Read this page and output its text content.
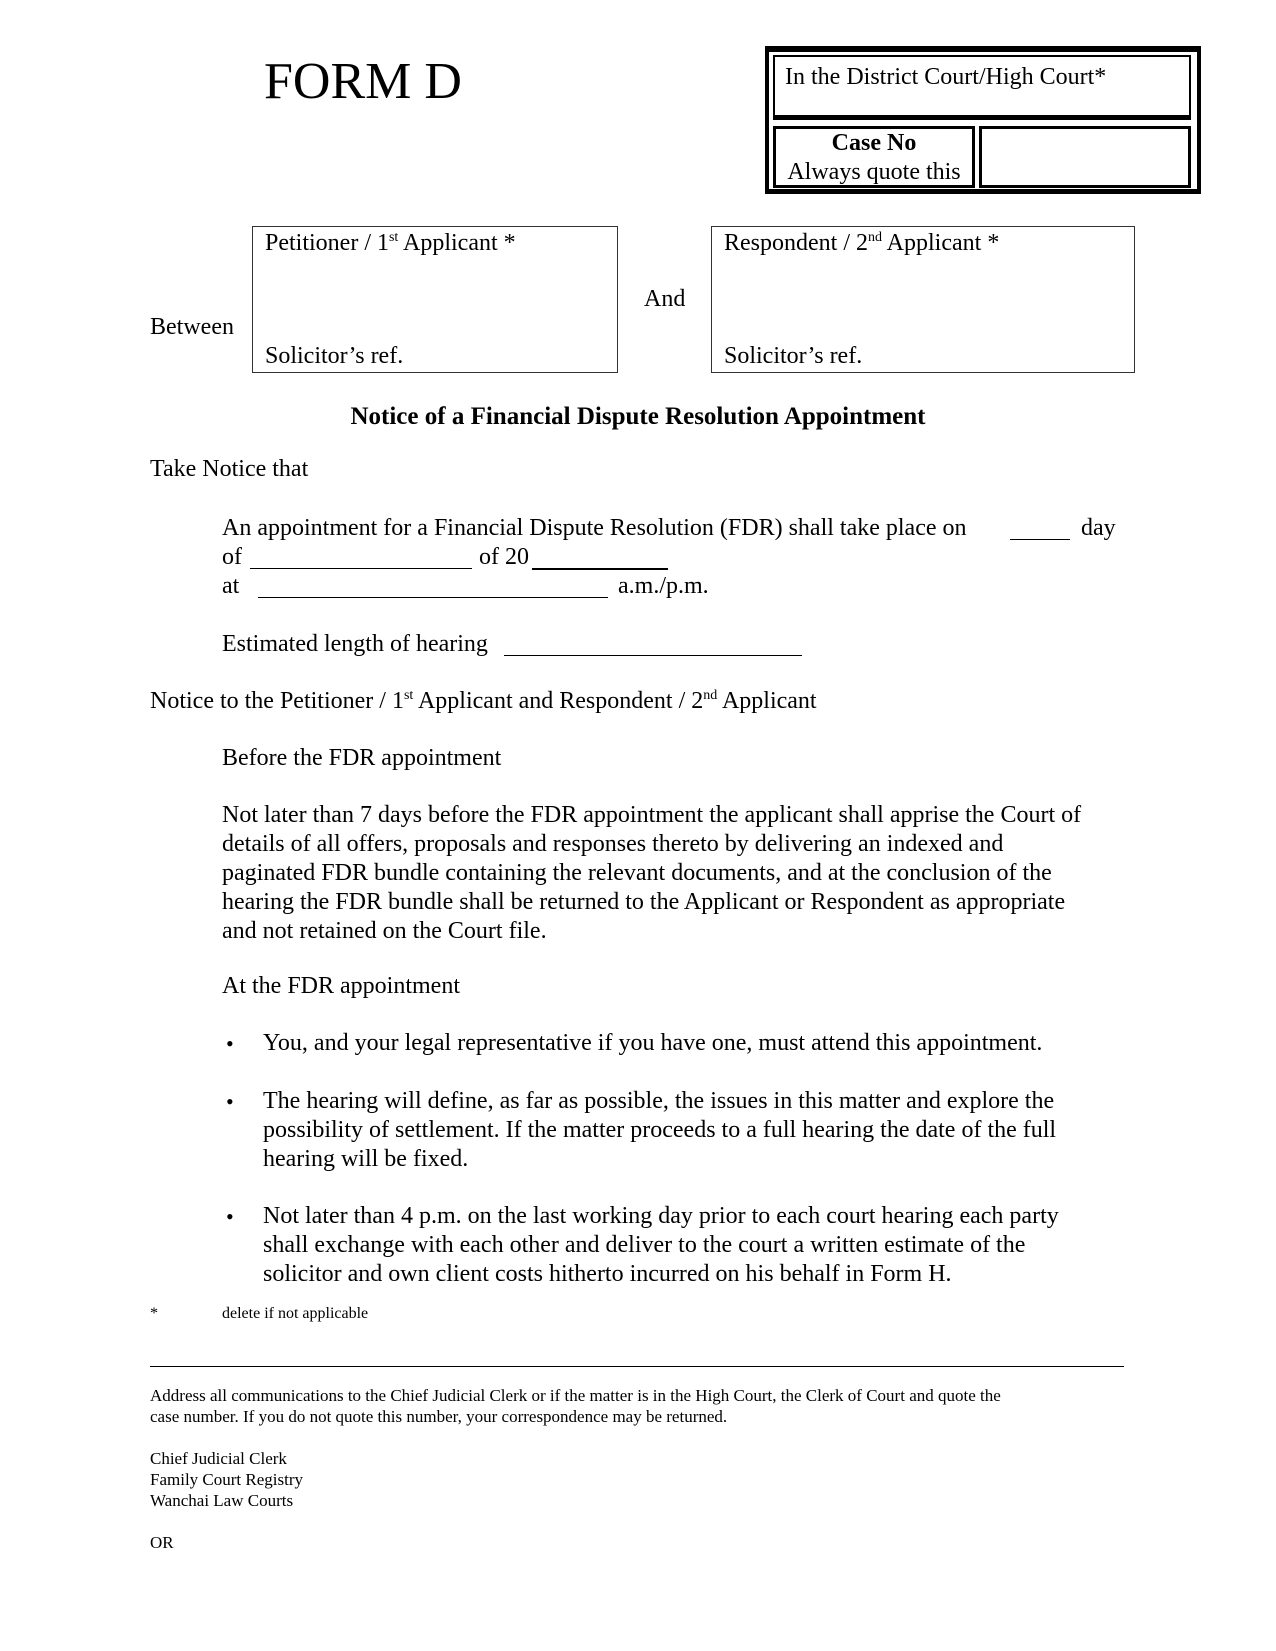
FORM D	In the District Court/High Court*
Case No
Always quote this
Between
Petitioner / 1st Applicant *
Solicitor’s ref.
And
Respondent / 2nd Applicant *
Solicitor’s ref.
Notice of a Financial Dispute Resolution Appointment
Take Notice that
An appointment for a Financial Dispute Resolution (FDR) shall take place on	day
of	of 20
at	a.m./p.m.
Estimated length of hearing
Notice to the Petitioner / 1st Applicant and Respondent / 2nd Applicant
Before the FDR appointment
Not later than 7 days before the FDR appointment the applicant shall apprise the Court of
details of all offers, proposals and responses thereto by delivering an indexed and
paginated FDR bundle containing the relevant documents, and at the conclusion of the
hearing the FDR bundle shall be returned to the Applicant or Respondent as appropriate
and not retained on the Court file.
At the FDR appointment
• You, and your legal representative if you have one, must attend this appointment.
• The hearing will define, as far as possible, the issues in this matter and explore the
possibility of settlement. If the matter proceeds to a full hearing the date of the full
hearing will be fixed.
• Not later than 4 p.m. on the last working day prior to each court hearing each party
shall exchange with each other and deliver to the court a written estimate of the
solicitor and own client costs hitherto incurred on his behalf in Form H.
*	delete if not applicable
Address all communications to the Chief Judicial Clerk or if the matter is in the High Court, the Clerk of Court and quote the
case number. If you do not quote this number, your correspondence may be returned.
Chief Judicial Clerk
Family Court Registry
Wanchai Law Courts
OR
